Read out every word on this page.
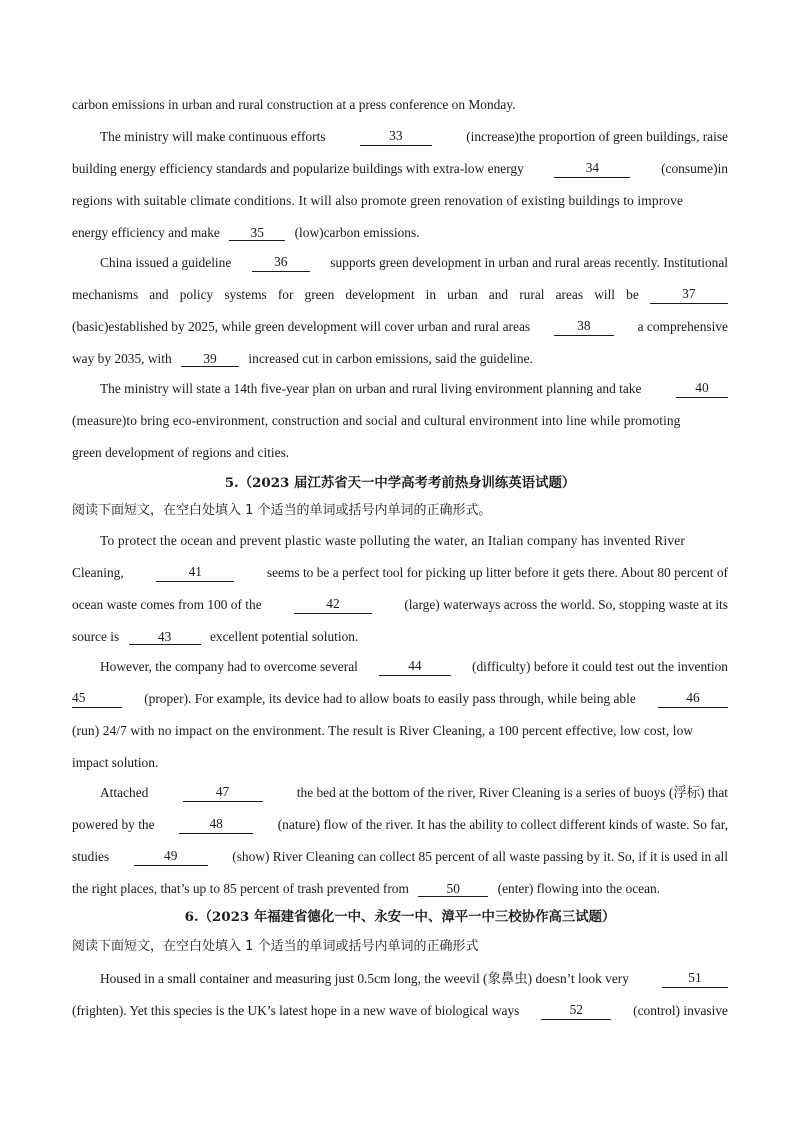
carbon emissions in urban and rural construction at a press conference on Monday.
The ministry will make continuous efforts	33	(increase)the proportion of green buildings, raise
building energy efficiency standards and popularize buildings with extra-low energy	34	(consume)in
regions with suitable climate conditions. It will also promote green renovation of existing buildings to improve
energy efficiency and make 35 (low)carbon emissions.
China issued a guideline	36	supports green development in urban and rural areas recently. Institutional
mechanisms and policy systems for green development in urban and rural areas will be	37
(basic)established by 2025, while green development will cover urban and rural areas	38	a comprehensive
way by 2035, with 39 increased cut in carbon emissions, said the guideline.
The ministry will state a 14th five-year plan on urban and rural living environment planning and take	40
(measure)to bring eco-environment, construction and social and cultural environment into line while promoting
green development of regions and cities.
5.（2023 届江苏省天一中学高考考前热身训练英语试题）
阅读下面短文，在空白处填入 1 个适当的单词或括号内单词的正确形式。
To protect the ocean and prevent plastic waste polluting the water, an Italian company has invented River
Cleaning,	41	seems to be a perfect tool for picking up litter before it gets there. About 80 percent of
ocean waste comes from 100 of the	42	(large) waterways across the world. So, stopping waste at its
source is	43	excellent potential solution.
However, the company had to overcome several	44	(difficulty) before it could test out the invention
45	(proper). For example, its device had to allow boats to easily pass through, while being able	46
(run) 24/7 with no impact on the environment. The result is River Cleaning, a 100 percent effective, low cost, low
impact solution.
Attached	47	the bed at the bottom of the river, River Cleaning is a series of buoys (浮标) that
powered by the	48	(nature) flow of the river. It has the ability to collect different kinds of waste. So far,
studies	49	(show) River Cleaning can collect 85 percent of all waste passing by it. So, if it is used in all
the right places, that’s up to 85 percent of trash prevented from	50	(enter) flowing into the ocean.
6.（2023 年福建省德化一中、永安一中、漳平一中三校协作高三试题）
阅读下面短文，在空白处填入 1 个适当的单词或括号内单词的正确形式
Housed in a small container and measuring just 0.5cm long, the weevil (象鼻虫) doesn’t look very	51
(frighten). Yet this species is the UK’s latest hope in a new wave of biological ways	52	(control) invasive
